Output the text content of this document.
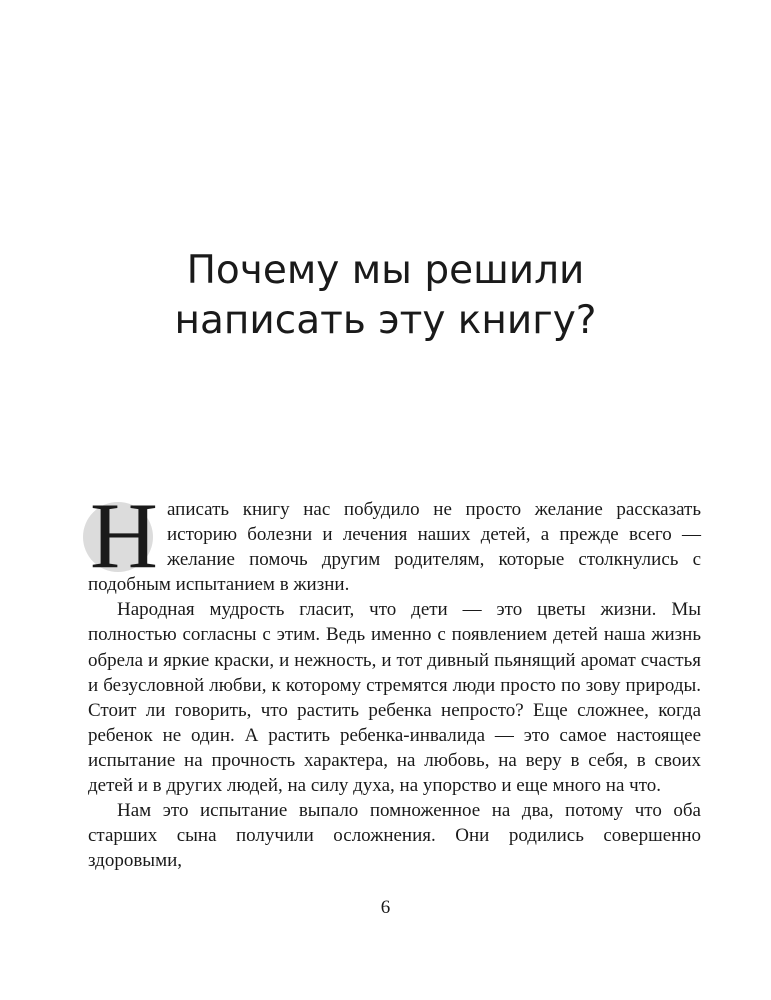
Почему мы решили
написать эту книгу?

Н аписать книгу нас побудило не просто желание рассказать историю болезни и лечения наших детей, а прежде всего — желание помочь другим родителям, которые столкнулись с подобным испытанием в жизни.

Народная мудрость гласит, что дети — это цветы жизни. Мы полностью согласны с этим. Ведь именно с появлением детей наша жизнь обрела и яркие краски, и нежность, и тот дивный пьянящий аромат счастья и безусловной любви, к которому стремятся люди просто по зову природы. Стоит ли говорить, что растить ребенка непросто? Еще сложнее, когда ребенок не один. А растить ребенка-инвалида — это самое настоящее испытание на прочность характера, на любовь, на веру в себя, в своих детей и в других людей, на силу духа, на упорство и еще много на что.

Нам это испытание выпало помноженное на два, потому что оба старших сына получили осложнения. Они родились совершенно здоровыми,

6
